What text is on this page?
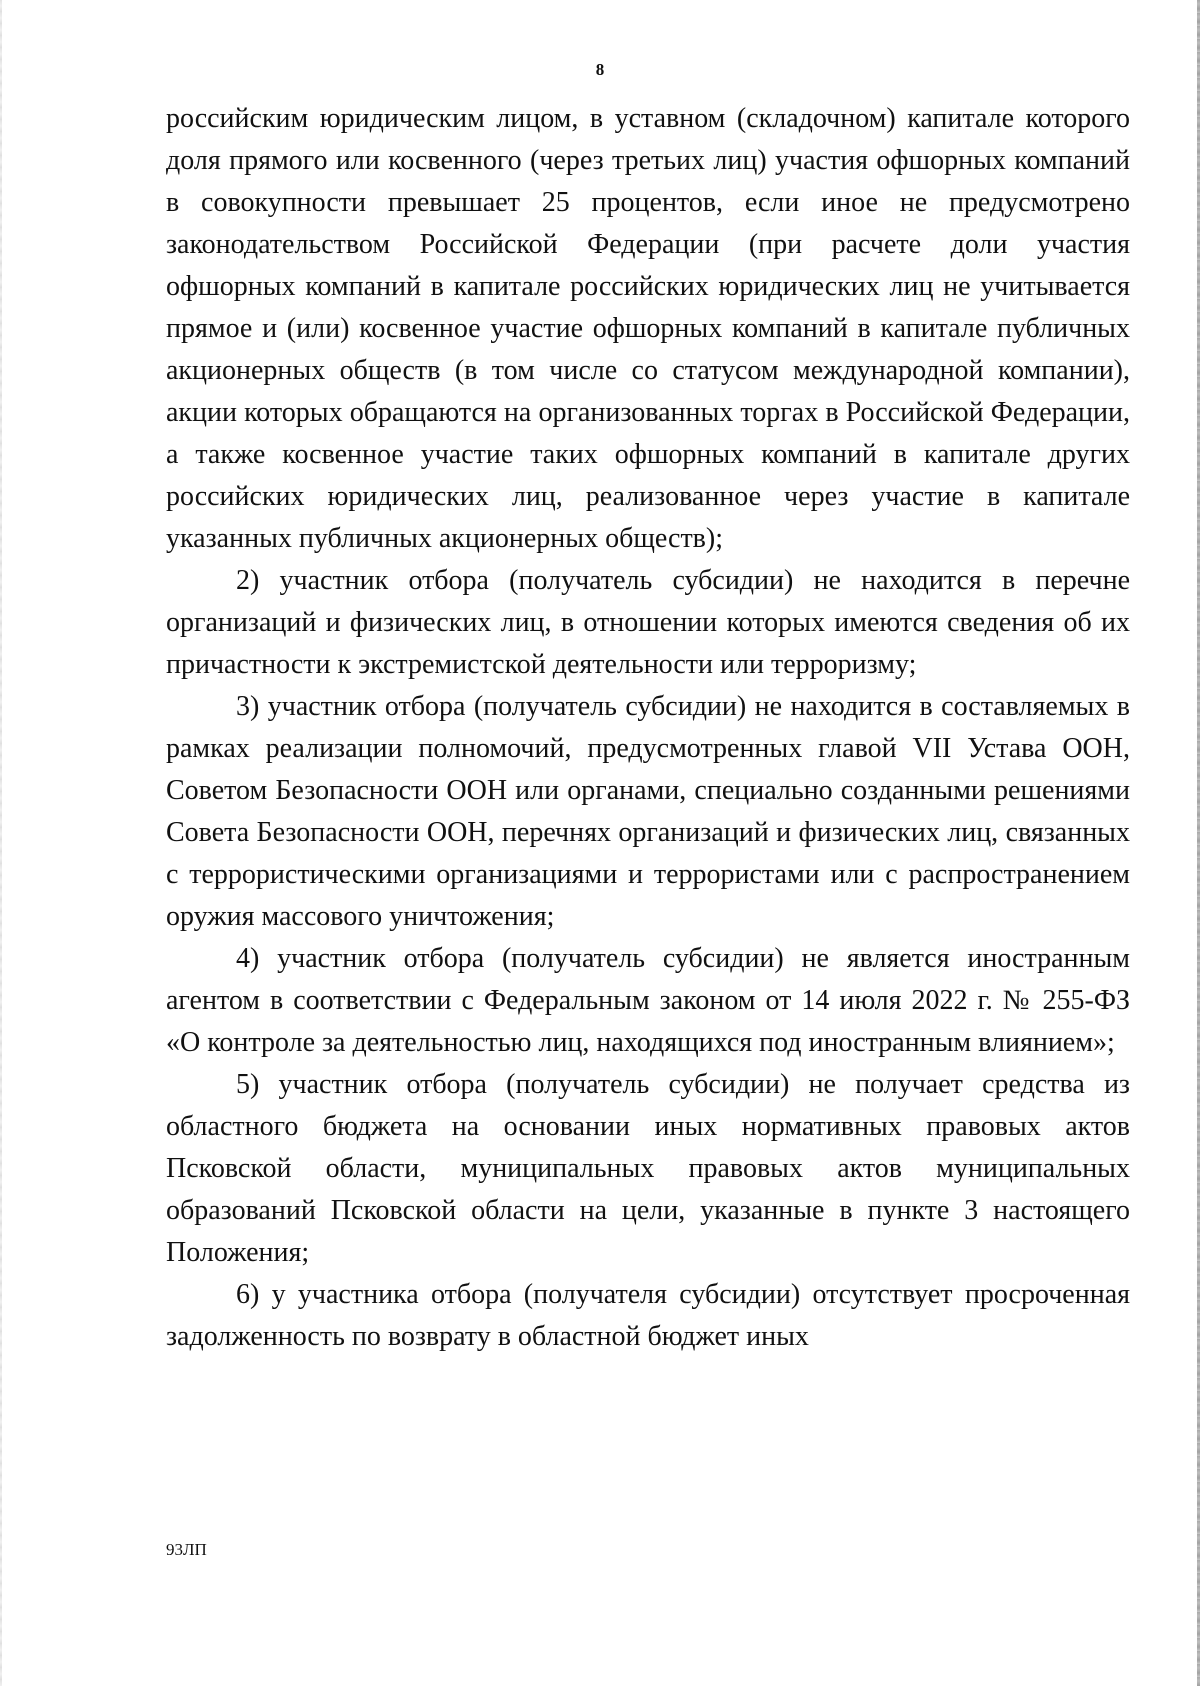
8

российским юридическим лицом, в уставном (складочном) капитале которого доля прямого или косвенного (через третьих лиц) участия офшорных компаний в совокупности превышает 25 процентов, если иное не предусмотрено законодательством Российской Федерации (при расчете доли участия офшорных компаний в капитале российских юридических лиц не учитывается прямое и (или) косвенное участие офшорных компаний в капитале публичных акционерных обществ (в том числе со статусом международной компании), акции которых обращаются на организованных торгах в Российской Федерации, а также косвенное участие таких офшорных компаний в капитале других российских юридических лиц, реализованное через участие в капитале указанных публичных акционерных обществ);

2) участник отбора (получатель субсидии) не находится в перечне организаций и физических лиц, в отношении которых имеются сведения об их причастности к экстремистской деятельности или терроризму;

3) участник отбора (получатель субсидии) не находится в составляемых в рамках реализации полномочий, предусмотренных главой VII Устава ООН, Советом Безопасности ООН или органами, специально созданными решениями Совета Безопасности ООН, перечнях организаций и физических лиц, связанных с террористическими организациями и террористами или с распространением оружия массового уничтожения;

4) участник отбора (получатель субсидии) не является иностранным агентом в соответствии с Федеральным законом от 14 июля 2022 г. № 255-ФЗ «О контроле за деятельностью лиц, находящихся под иностранным влиянием»;

5) участник отбора (получатель субсидии) не получает средства из областного бюджета на основании иных нормативных правовых актов Псковской области, муниципальных правовых актов муниципальных образований Псковской области на цели, указанные в пункте 3 настоящего Положения;

6) у участника отбора (получателя субсидии) отсутствует просроченная задолженность по возврату в областной бюджет иных

93ЛП
